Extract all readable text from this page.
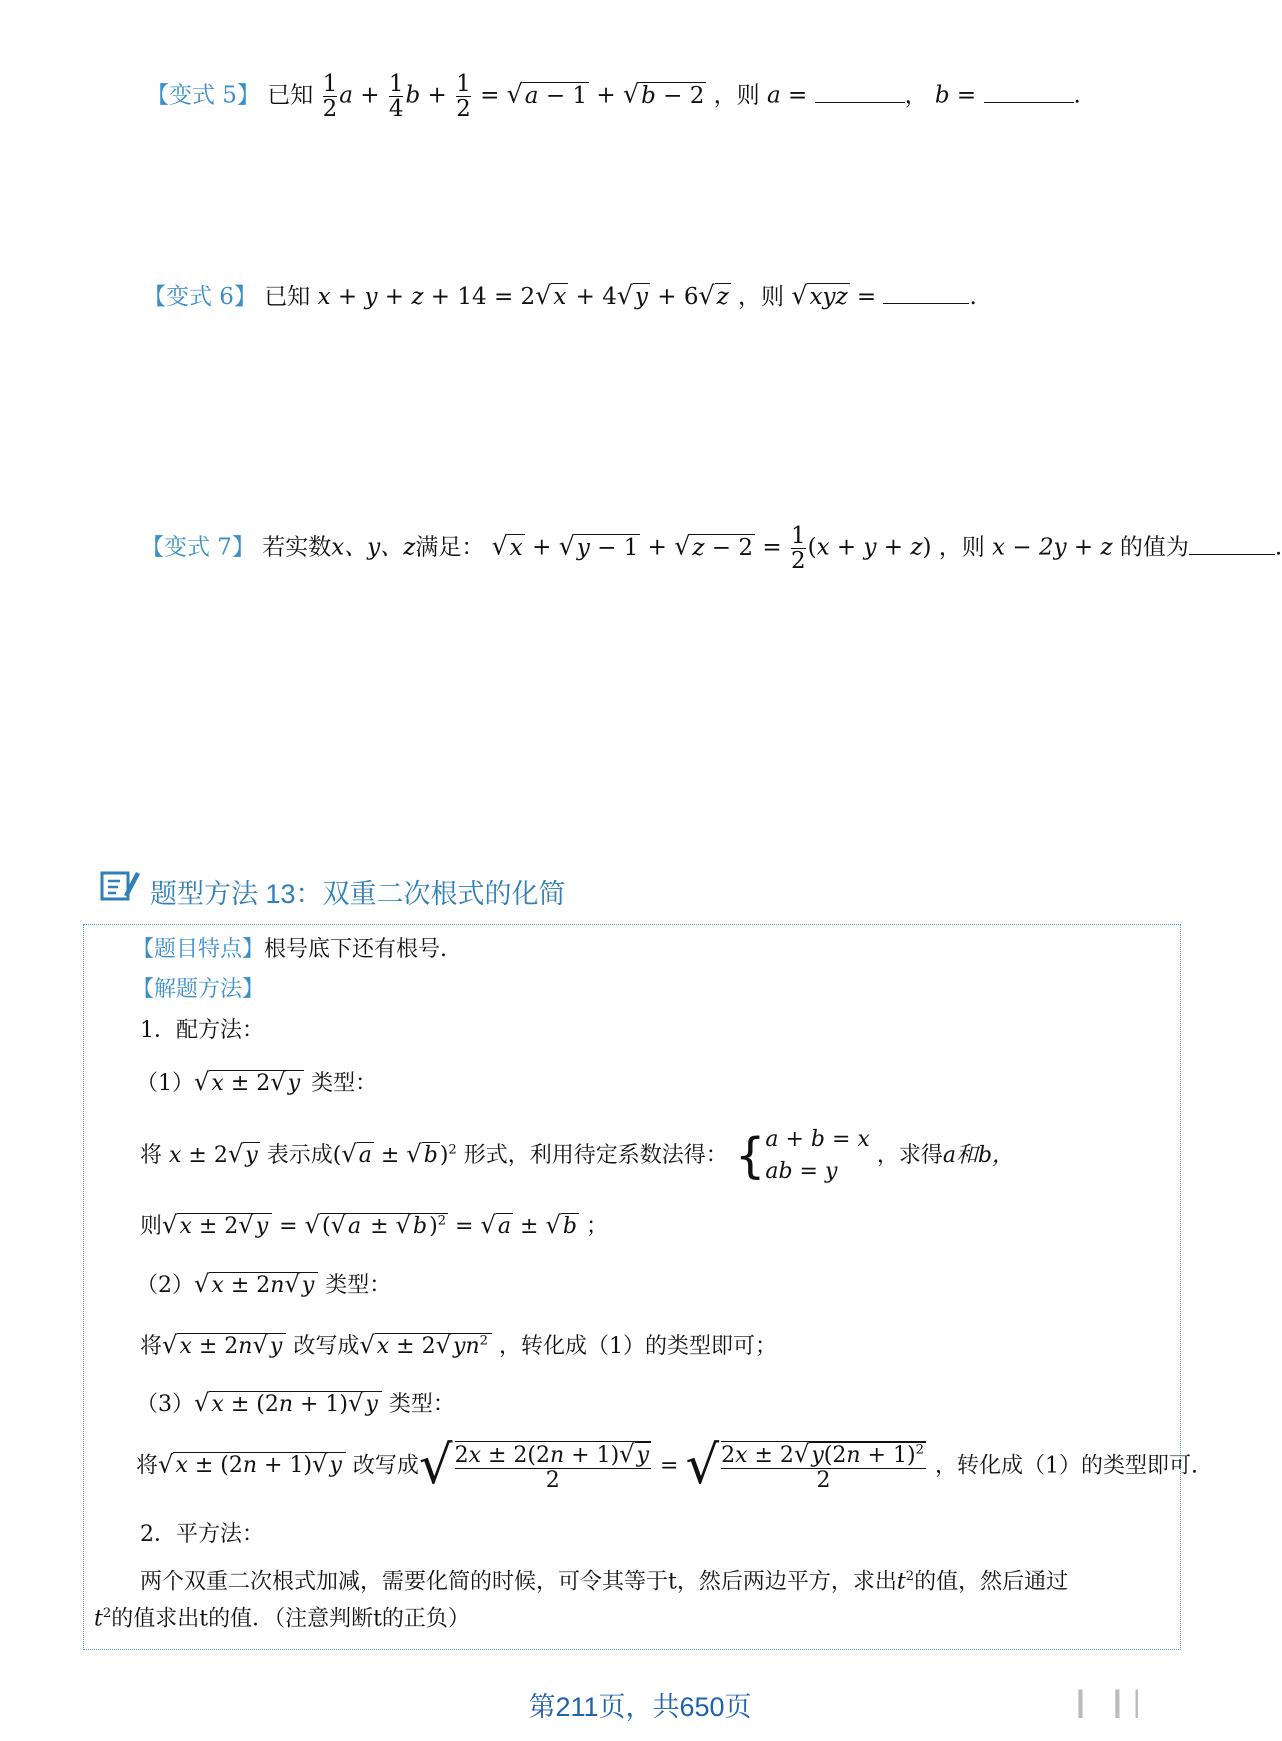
【变式 5】 已知 $\frac{1}{2}$ $a + \frac{1}{4}$ $b + \frac{1}{2} = √a - 1 + √b - 2$ ，则 a =	， b =	.
【变式 6】 已知 x + y + z + 14 = 2√x + 4√y + 6√z ，则 √xyz =	.
【变式 7】 若实数x、y、z满足： $√x + √y - 1 + √z - 2 = \frac{1}{2} (x + y + z)$ ，则 x − 2y + z 的值为	.
题型方法 13：双重二次根式的化简
【题目特点】根号底下还有根号.
【解题方法】
1．配方法：
（1）√x ± 2√y 类型：
将 x ± 2√y 表示成$(√a \pm √b)^2$ 形式，利用待定系数法得： { a + b = x
ab = y
，求得a和b，
则$√x \pm 2√y = √(√a \pm √b)^2 = √a \pm √b$ ；
（2）√x ± 2n√y 类型：
将√x ± 2n√y 改写成$√x \pm 2√yn^2$ ，转化成（1）的类型即可；
（3）√x ± (2n + 1)√y 类型：
将√x ± (2n + 1)√y 改写成√ $\frac{2x \pm 2(2n + 1)√y}{2}$ = √ $\frac{2x \pm 2√y(2n + 1)^2}{2}$ ，转化成（1）的类型即可.
2．平方法：
两个双重二次根式加减，需要化简的时候，可令其等于t，然后两边平方，求出$t^2$的值，然后通过
$t^2$的值求出t的值．（注意判断t的正负）
第211页，共650页	▕▏▕▏▏
